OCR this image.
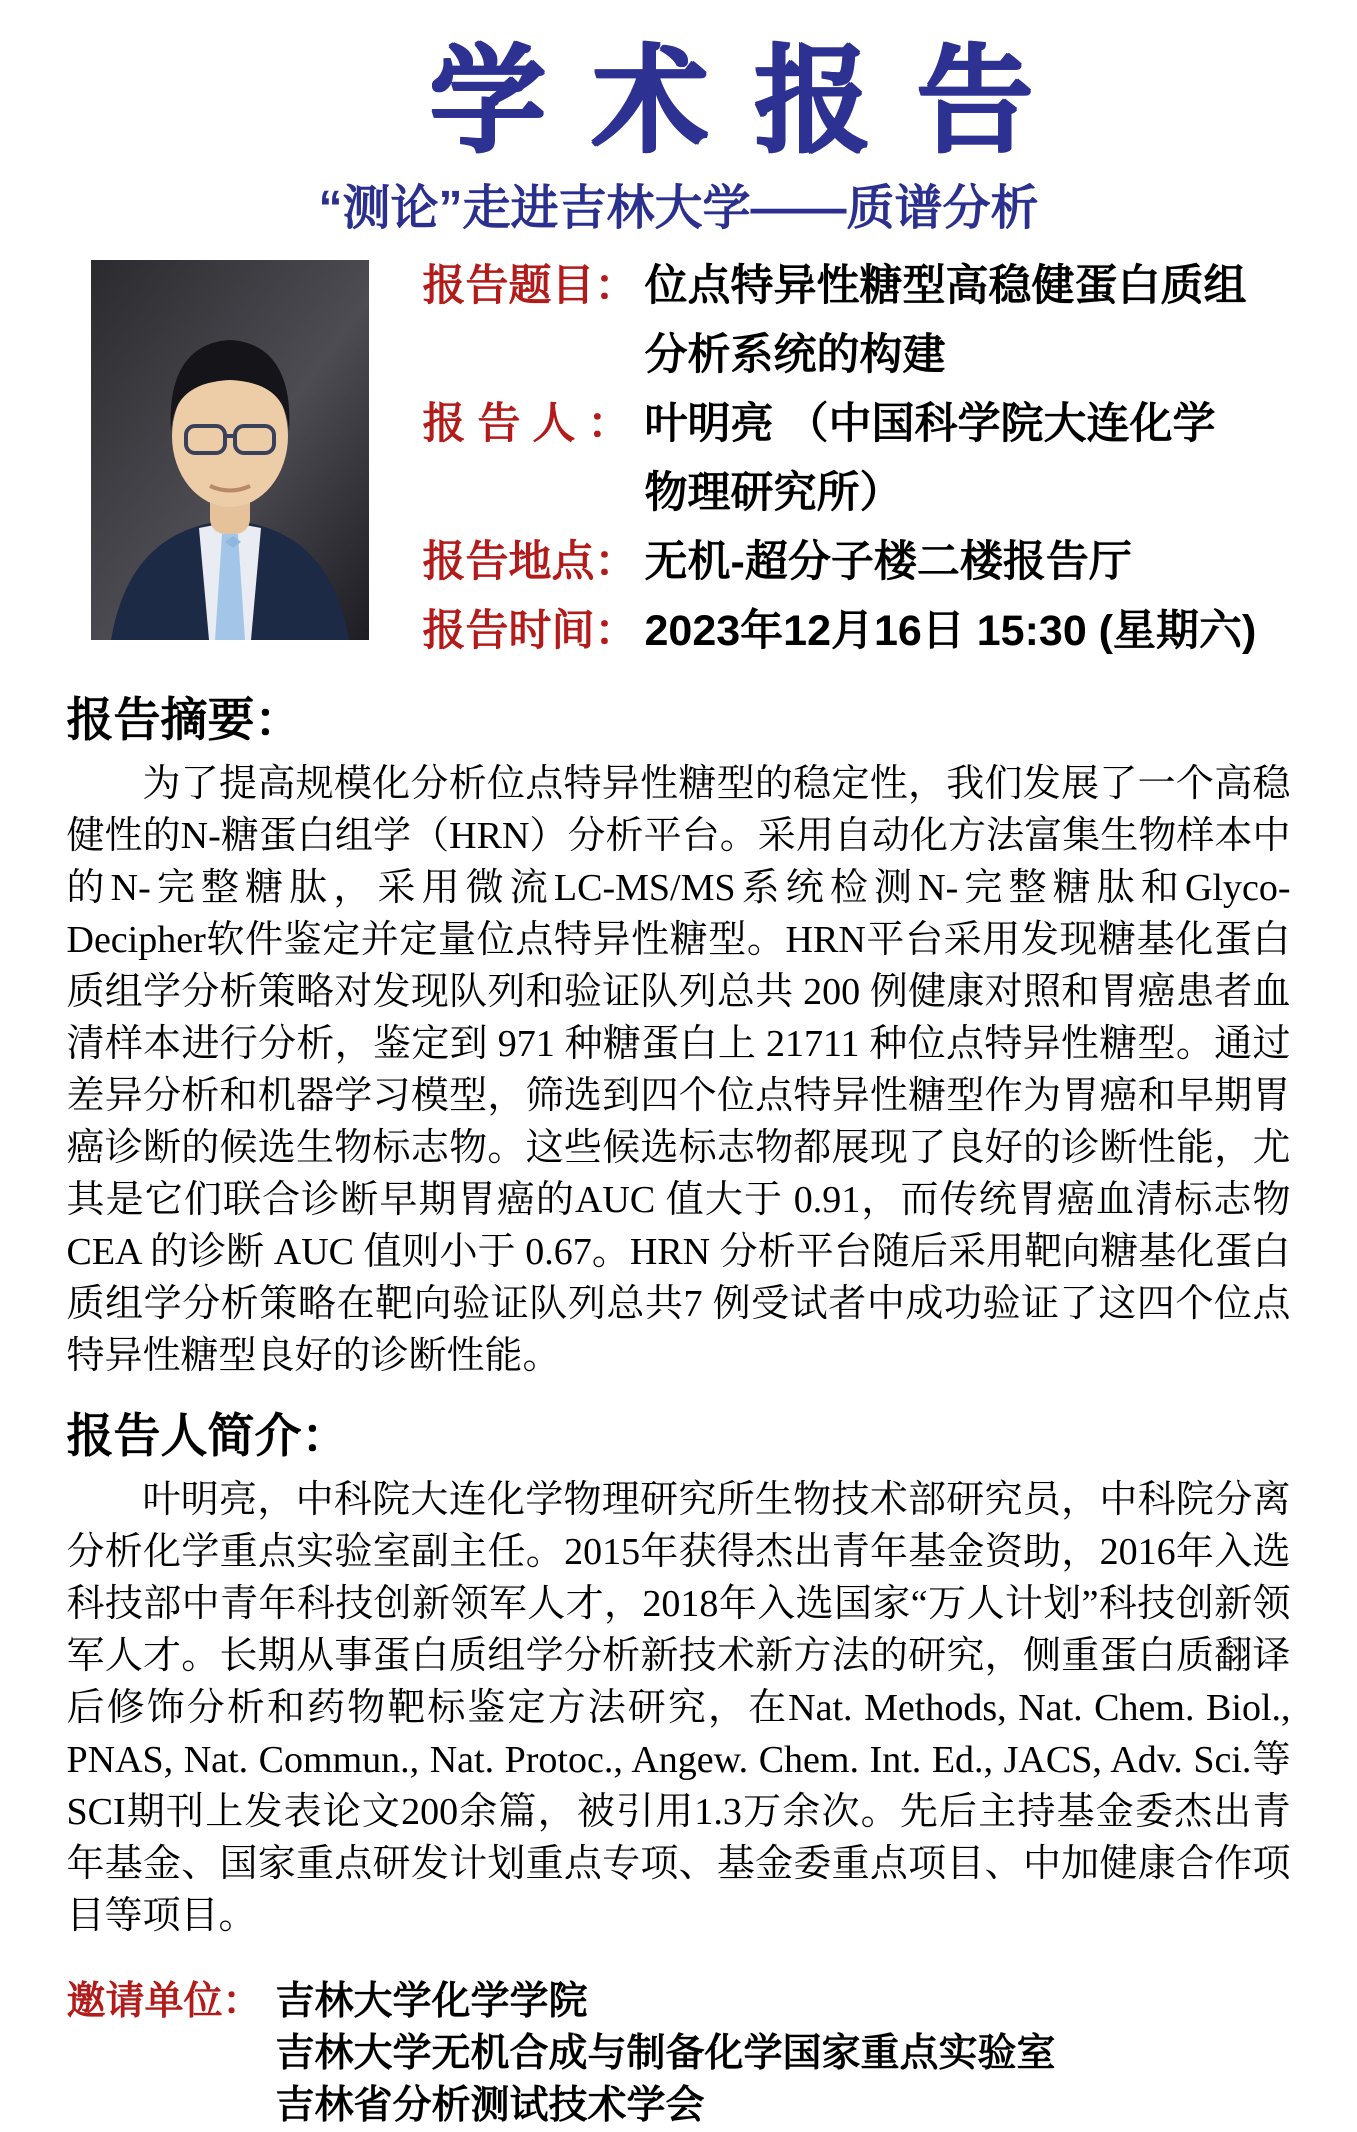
学术报告
“测论”走进吉林大学——质谱分析
报告题目： 位点特异性糖型高稳健蛋白质组
分析系统的构建
报 告 人 ： 叶明亮 （中国科学院大连化学
物理研究所）
报告地点： 无机-超分子楼二楼报告厅
报告时间： 2023年12月16日 15:30 (星期六)
报告摘要：

为了提高规模化分析位点特异性糖型的稳定性，我们发展了一个高稳健性的N-糖蛋白组学（HRN）分析平台。采用自动化方法富集生物样本中的N-完整糖肽，采用微流LC-MS/MS系统检测N-完整糖肽和Glyco-Decipher软件鉴定并定量位点特异性糖型。HRN平台采用发现糖基化蛋白质组学分析策略对发现队列和验证队列总共 200 例健康对照和胃癌患者血清样本进行分析，鉴定到 971 种糖蛋白上 21711 种位点特异性糖型。通过差异分析和机器学习模型，筛选到四个位点特异性糖型作为胃癌和早期胃癌诊断的候选生物标志物。这些候选标志物都展现了良好的诊断性能，尤其是它们联合诊断早期胃癌的AUC 值大于 0.91，而传统胃癌血清标志物 CEA 的诊断 AUC 值则小于 0.67。HRN 分析平台随后采用靶向糖基化蛋白质组学分析策略在靶向验证队列总共7 例受试者中成功验证了这四个位点特异性糖型良好的诊断性能。

报告人简介：

叶明亮，中科院大连化学物理研究所生物技术部研究员，中科院分离分析化学重点实验室副主任。2015年获得杰出青年基金资助，2016年入选科技部中青年科技创新领军人才，2018年入选国家“万人计划”科技创新领军人才。长期从事蛋白质组学分析新技术新方法的研究，侧重蛋白质翻译后修饰分析和药物靶标鉴定方法研究，在Nat. Methods, Nat. Chem. Biol., PNAS, Nat. Commun., Nat. Protoc., Angew. Chem. Int. Ed., JACS, Adv. Sci.等SCI期刊上发表论文200余篇，被引用1.3万余次。先后主持基金委杰出青年基金、国家重点研发计划重点专项、基金委重点项目、中加健康合作项目等项目。

邀请单位： 吉林大学化学学院
吉林大学无机合成与制备化学国家重点实验室
吉林省分析测试技术学会
